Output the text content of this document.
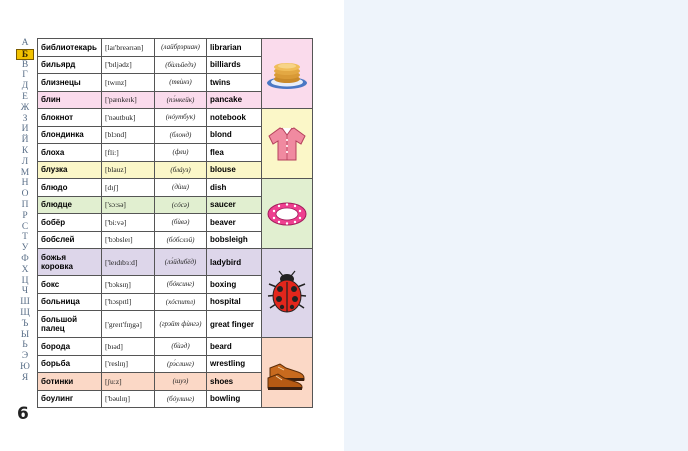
А
Б
В
Г
Д
Е
Ж
З
И
Й
К
Л
М
Н
О
П
Р
С
Т
У
Ф
Х
Ц
Ч
Ш
Щ
Ъ
Ы
Ь
Э
Ю
Я
6
библиотекарь	[laɪ'breərɪən]	(лайбрэриан)	librarian	

бильярд	['bɪljədz]	(бѝльйедз)	billiards	
близнецы	[twɪnz]	(твѝнз)	twins	
блин	['pænkeɪk]	(пэ́нкейк)	pancake	
блокнот	['nəutbuk]	(нóутбук)	notebook	

блондинка	[blɔnd]	(блонд)	blond	
блоха	[fli:]	(фли)	flea	
блузка	[blauz]	(блáуз)	blouse	
блюдо	[dɪʃ]	(дѝш)	dish	

блюдце	['sɔ:sə]	(сóсə)	saucer	
бобёр	['bi:və]	(бѝвə)	beaver	
бобслей	['bɔbsleɪ]	(бóбслэй)	bobsleigh	
божья коровка	['leɪdɪbɜːd]	(лэ́йдибёд)	ladybird	

бокс	['bɔksɪŋ]	(бóксинг)	boxing	
больница	['hɔspɪtl]	(хóспитл)	hospital	
большой палец	['greɪt'fɪŋgə]	(грэйт фѝнгə)	great finger	
борода	[bɪəd]	(бѝəд)	beard	

борьба	['reslɪŋ]	(рэ́слинг)	wrestling	
ботинки	[ʃu:z]	(шуз)	shoes	
боулинг	['bəulɪŋ]	(бóулинг)	bowling	
